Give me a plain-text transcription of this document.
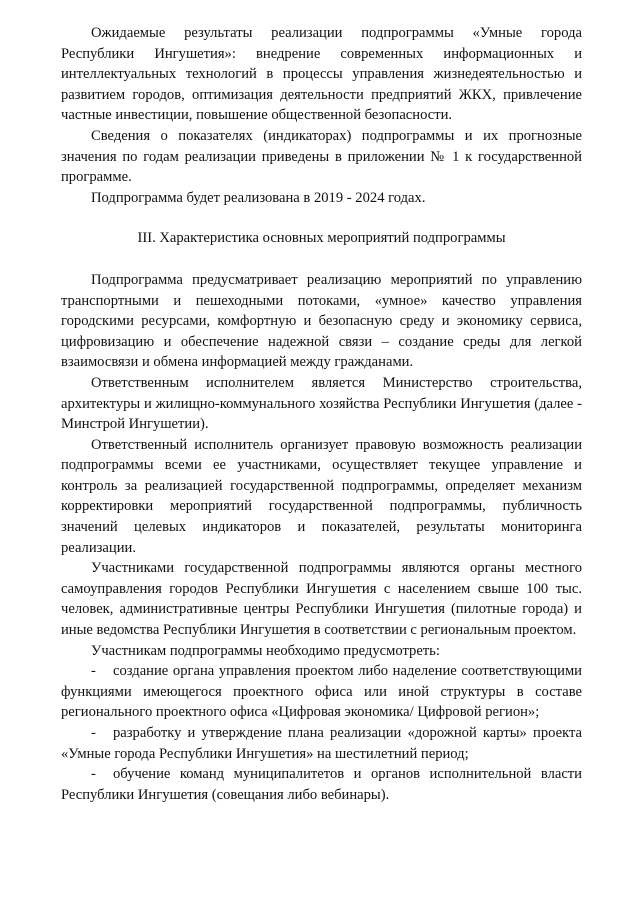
Ожидаемые результаты реализации подпрограммы «Умные города Республики Ингушетия»: внедрение современных информационных и интеллектуальных технологий в процессы управления жизнедеятельностью и развитием городов, оптимизация деятельности предприятий ЖКХ, привлечение частные инвестиции, повышение общественной безопасности.

Сведения о показателях (индикаторах) подпрограммы и их прогнозные значения по годам реализации приведены в приложении № 1 к государственной программе.

Подпрограмма будет реализована в 2019 - 2024 годах.

III. Характеристика основных мероприятий подпрограммы

Подпрограмма предусматривает реализацию мероприятий по управлению транспортными и пешеходными потоками, «умное» качество управления городскими ресурсами, комфортную и безопасную среду и экономику сервиса, цифровизацию и обеспечение надежной связи – создание среды для легкой взаимосвязи и обмена информацией между гражданами.

Ответственным исполнителем является Министерство строительства, архитектуры и жилищно-коммунального хозяйства Республики Ингушетия (далее - Минстрой Ингушетии).

Ответственный исполнитель организует правовую возможность реализации подпрограммы всеми ее участниками, осуществляет текущее управление и контроль за реализацией государственной подпрограммы, определяет механизм корректировки мероприятий государственной подпрограммы, публичность значений целевых индикаторов и показателей, результаты мониторинга реализации.

Участниками государственной подпрограммы являются органы местного самоуправления городов Республики Ингушетия с населением свыше 100 тыс. человек, административные центры Республики Ингушетия (пилотные города) и иные ведомства Республики Ингушетия в соответствии с региональным проектом.

Участникам подпрограммы необходимо предусмотреть:

- создание органа управления проектом либо наделение соответствующими функциями имеющегося проектного офиса или иной структуры в составе регионального проектного офиса «Цифровая экономика/ Цифровой регион»;

- разработку и утверждение плана реализации «дорожной карты» проекта «Умные города Республики Ингушетия» на шестилетний период;

- обучение команд муниципалитетов и органов исполнительной власти Республики Ингушетия (совещания либо вебинары).
